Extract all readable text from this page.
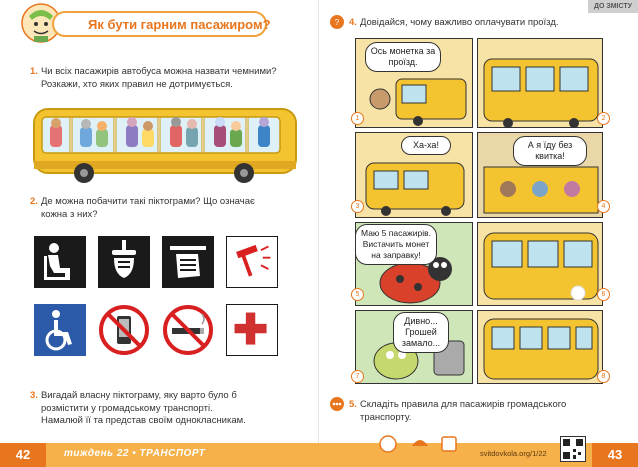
Як бути гарним пасажиром?
1. Чи всіх пасажирів автобуса можна назвати чемними?
Розкажи, хто яких правил не дотримується.
2. Де можна побачити такі піктограми? Що означає
кожна з них?
3. Вигадай власну піктограму, яку варто було б
розмістити у громадському транспорті.
Намалюй її та представ своїм однокласникам.
ДО ЗМІСТУ
? 4. Довідайся, чому важливо оплачувати проїзд.
Ось монетка за проїзд.
1	2
Ха-ха!
3
А я їду без квитка!
4
Маю 5 пасажирів. Вистачить монет на заправку!
5	6
Дивно... Грошей замало...
7	8
5. Складіть правила для пасажирів громадського
транспорту.
42	тиждень 22 • ТРАНСПОРТ	svitdovkola.org/1/22	43
